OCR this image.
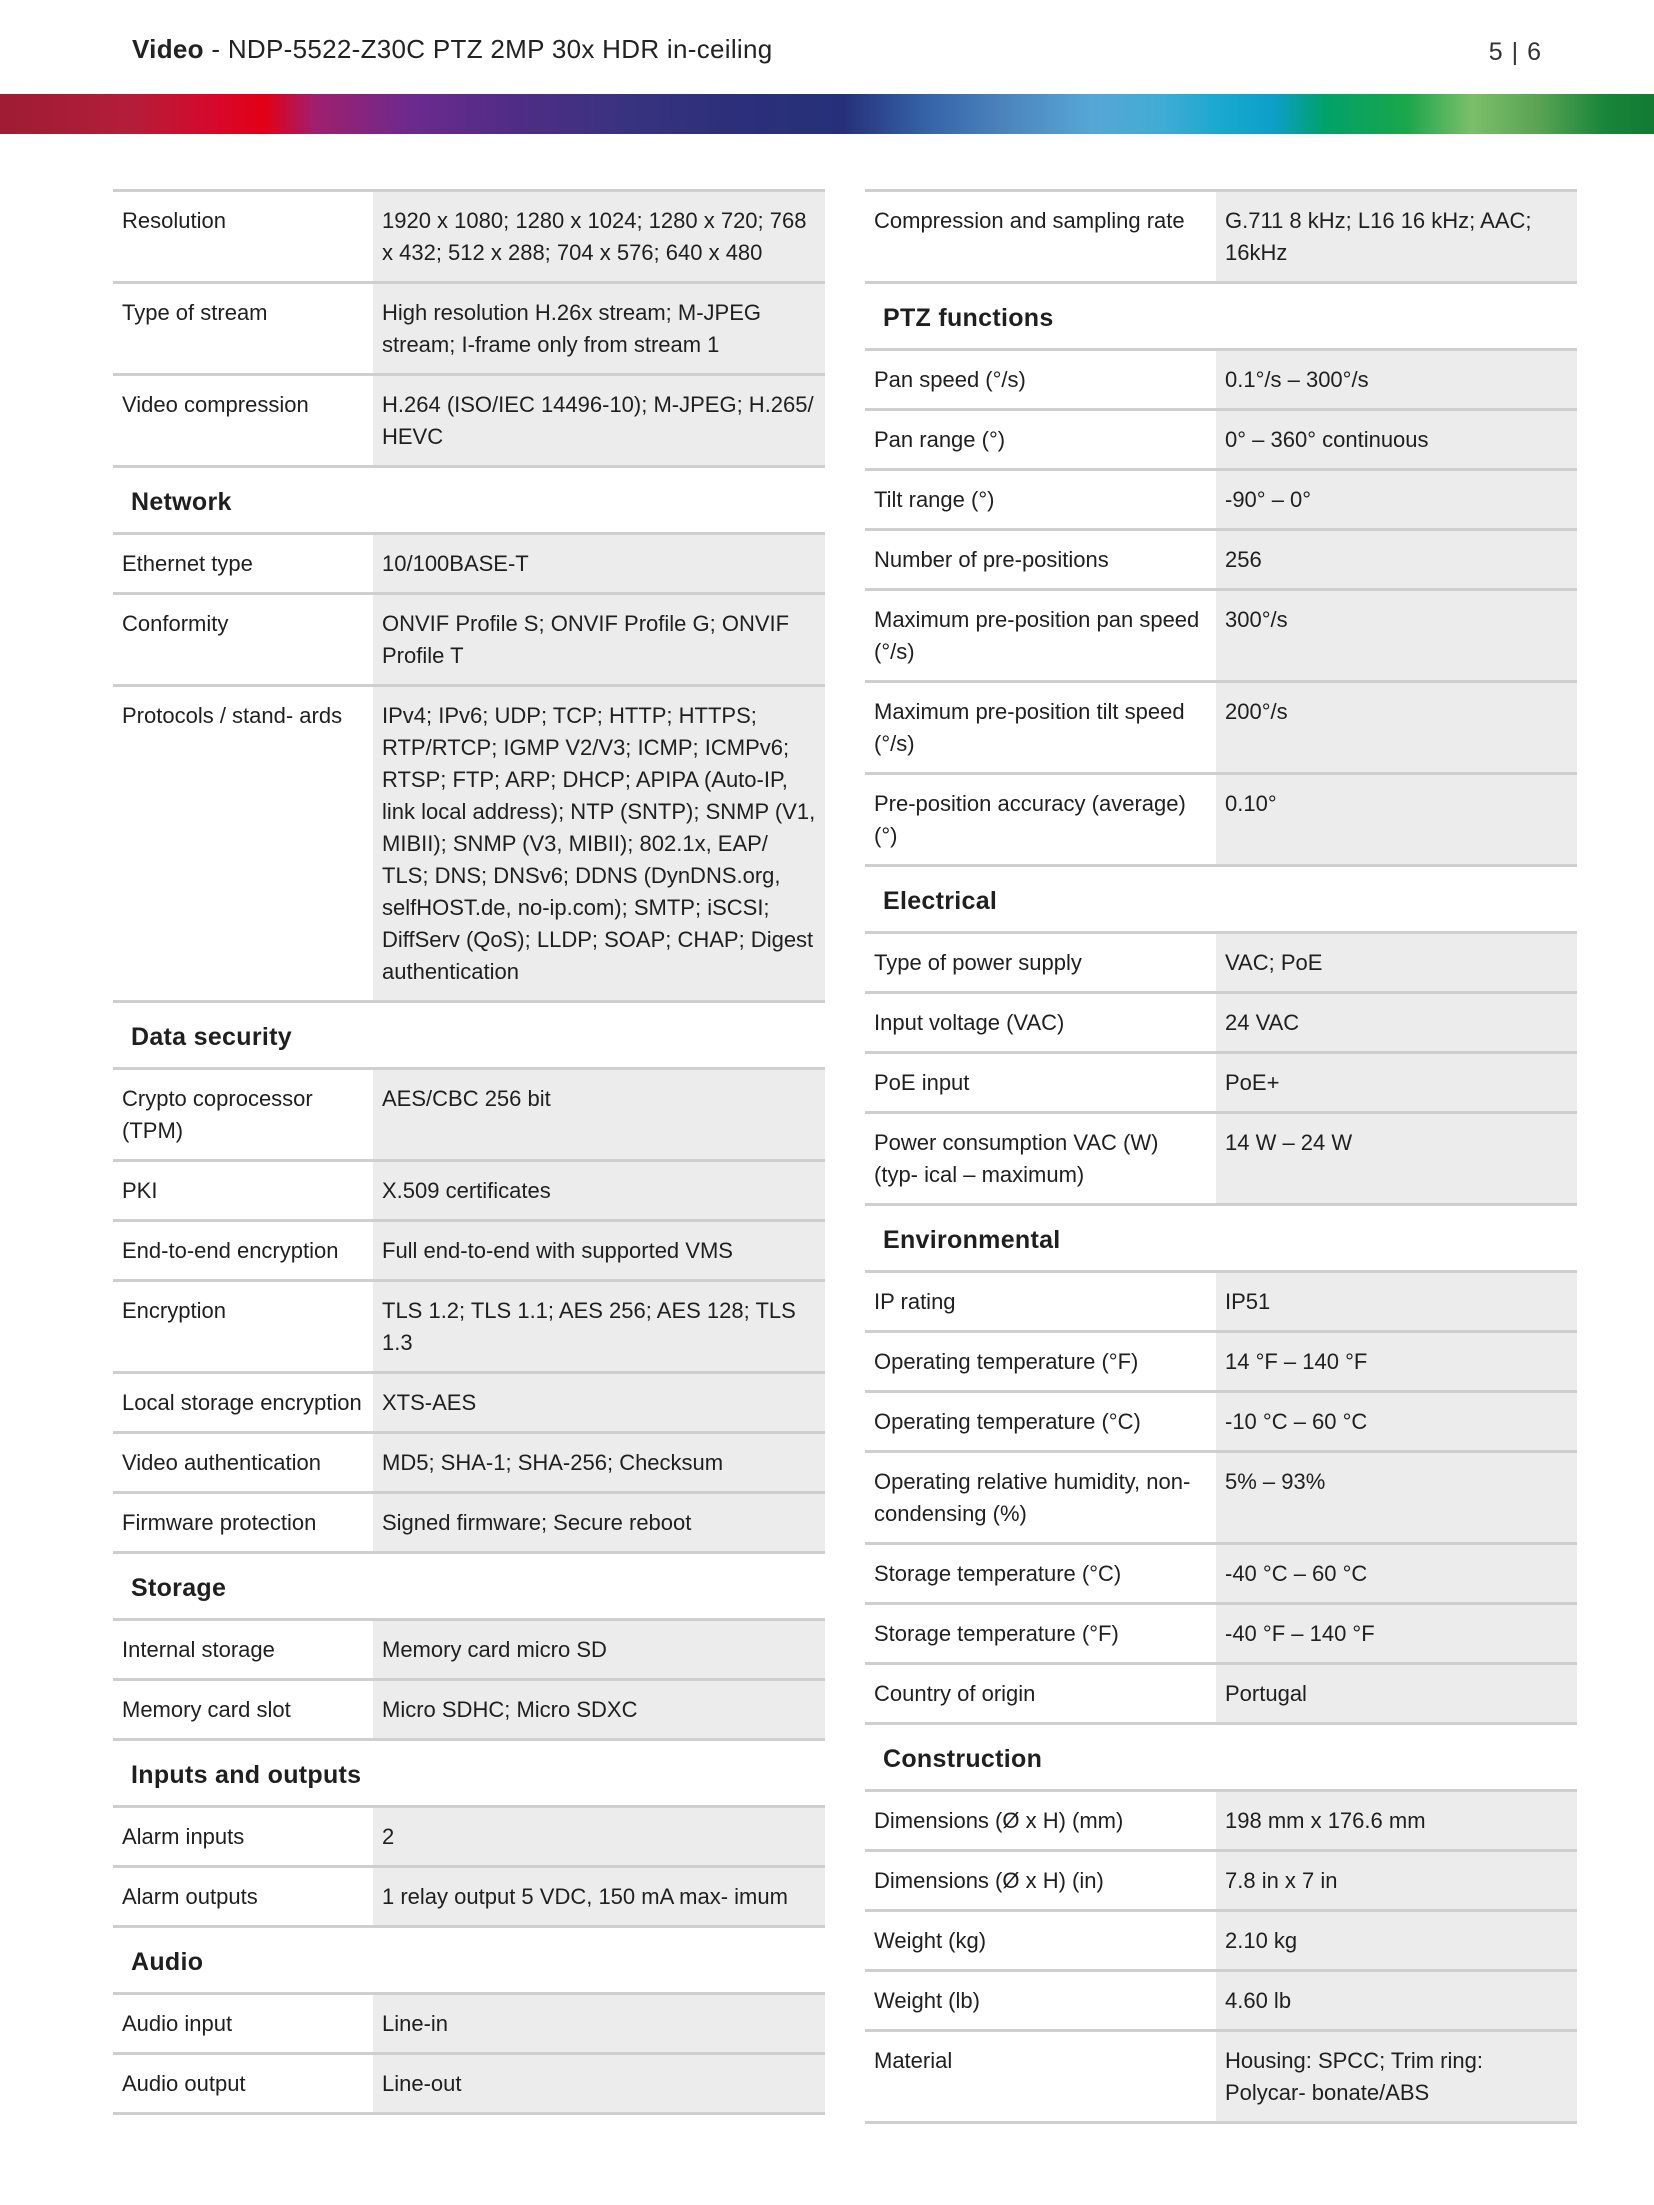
Video - NDP-5522-Z30C PTZ 2MP 30x HDR in-ceiling	5 | 6
Resolution	1920 x 1080; 1280 x 1024; 1280 x 720; 768 x 432; 512 x 288; 704 x 576; 640 x 480
Type of stream	High resolution H.26x stream; M-JPEG stream; I-frame only from stream 1
Video compression	H.264 (ISO/IEC 14496-10); M-JPEG; H.265/ HEVC
Network	
Ethernet type	10/100BASE-T
Conformity	ONVIF Profile S; ONVIF Profile G; ONVIF Profile T
Protocols / stand- ards	IPv4; IPv6; UDP; TCP; HTTP; HTTPS; RTP/RTCP; IGMP V2/V3; ICMP; ICMPv6; RTSP; FTP; ARP; DHCP; APIPA (Auto-IP, link local address); NTP (SNTP); SNMP (V1, MIBII); SNMP (V3, MIBII); 802.1x, EAP/ TLS; DNS; DNSv6; DDNS (DynDNS.org, selfHOST.de, no-ip.com); SMTP; iSCSI; DiffServ (QoS); LLDP; SOAP; CHAP; Digest authentication
Data security	
Crypto coprocessor (TPM)	AES/CBC 256 bit
PKI	X.509 certificates
End-to-end encryption	Full end-to-end with supported VMS
Encryption	TLS 1.2; TLS 1.1; AES 256; AES 128; TLS 1.3
Local storage encryption	XTS-AES
Video authentication	MD5; SHA-1; SHA-256; Checksum
Firmware protection	Signed firmware; Secure reboot
Storage	
Internal storage	Memory card micro SD
Memory card slot	Micro SDHC; Micro SDXC
Inputs and outputs	
Alarm inputs	2
Alarm outputs	1 relay output 5 VDC, 150 mA max- imum
Audio	
Audio input	Line-in
Audio output	Line-out

Compression and sampling rate	G.711 8 kHz; L16 16 kHz; AAC; 16kHz
PTZ functions	
Pan speed (°/s)	0.1°/s – 300°/s
Pan range (°)	0° – 360° continuous
Tilt range (°)	-90° – 0°
Number of pre-positions	256
Maximum pre-position pan speed (°/s)	300°/s
Maximum pre-position tilt speed (°/s)	200°/s
Pre-position accuracy (average) (°)	0.10°
Electrical	
Type of power supply	VAC; PoE
Input voltage (VAC)	24 VAC
PoE input	PoE+
Power consumption VAC (W) (typ- ical – maximum)	14 W – 24 W
Environmental	
IP rating	IP51
Operating temperature (°F)	14 °F – 140 °F
Operating temperature (°C)	-10 °C – 60 °C
Operating relative humidity, non- condensing (%)	5% – 93%
Storage temperature (°C)	-40 °C – 60 °C
Storage temperature (°F)	-40 °F – 140 °F
Country of origin	Portugal
Construction	
Dimensions (Ø x H) (mm)	198 mm x 176.6 mm
Dimensions (Ø x H) (in)	7.8 in x 7 in
Weight (kg)	2.10 kg
Weight (lb)	4.60 lb
Material	Housing: SPCC; Trim ring: Polycar- bonate/ABS
